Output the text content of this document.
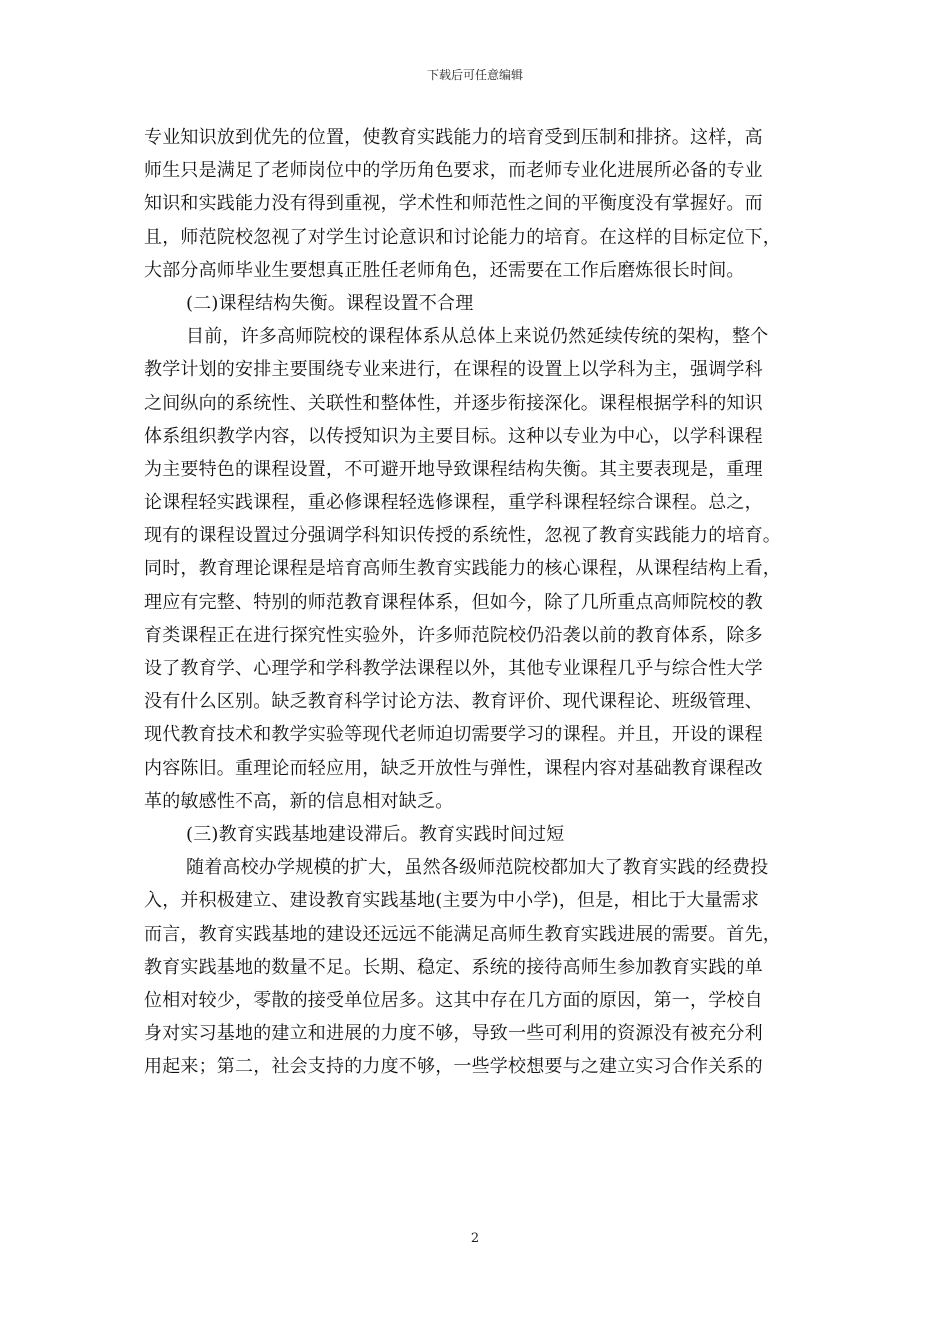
下载后可任意编辑
专业知识放到优先的位置，使教育实践能力的培育受到压制和排挤。这样，高
师生只是满足了老师岗位中的学历角色要求，而老师专业化进展所必备的专业
知识和实践能力没有得到重视，学术性和师范性之间的平衡度没有掌握好。而
且，师范院校忽视了对学生讨论意识和讨论能力的培育。在这样的目标定位下，
大部分高师毕业生要想真正胜任老师角色，还需要在工作后磨炼很长时间。
(二)课程结构失衡。课程设置不合理
目前，许多高师院校的课程体系从总体上来说仍然延续传统的架构，整个
教学计划的安排主要围绕专业来进行，在课程的设置上以学科为主，强调学科
之间纵向的系统性、关联性和整体性，并逐步衔接深化。课程根据学科的知识
体系组织教学内容，以传授知识为主要目标。这种以专业为中心，以学科课程
为主要特色的课程设置，不可避开地导致课程结构失衡。其主要表现是，重理
论课程轻实践课程，重必修课程轻选修课程，重学科课程轻综合课程。总之，
现有的课程设置过分强调学科知识传授的系统性，忽视了教育实践能力的培育。
同时，教育理论课程是培育高师生教育实践能力的核心课程，从课程结构上看，
理应有完整、特别的师范教育课程体系，但如今，除了几所重点高师院校的教
育类课程正在进行探究性实验外，许多师范院校仍沿袭以前的教育体系，除多
设了教育学、心理学和学科教学法课程以外，其他专业课程几乎与综合性大学
没有什么区别。缺乏教育科学讨论方法、教育评价、现代课程论、班级管理、
现代教育技术和教学实验等现代老师迫切需要学习的课程。并且，开设的课程
内容陈旧。重理论而轻应用，缺乏开放性与弹性，课程内容对基础教育课程改
革的敏感性不高，新的信息相对缺乏。
(三)教育实践基地建设滞后。教育实践时间过短
随着高校办学规模的扩大，虽然各级师范院校都加大了教育实践的经费投
入，并积极建立、建设教育实践基地(主要为中小学)，但是，相比于大量需求
而言，教育实践基地的建设还远远不能满足高师生教育实践进展的需要。首先，
教育实践基地的数量不足。长期、稳定、系统的接待高师生参加教育实践的单
位相对较少，零散的接受单位居多。这其中存在几方面的原因，第一，学校自
身对实习基地的建立和进展的力度不够，导致一些可利用的资源没有被充分利
用起来；第二，社会支持的力度不够，一些学校想要与之建立实习合作关系的
2
